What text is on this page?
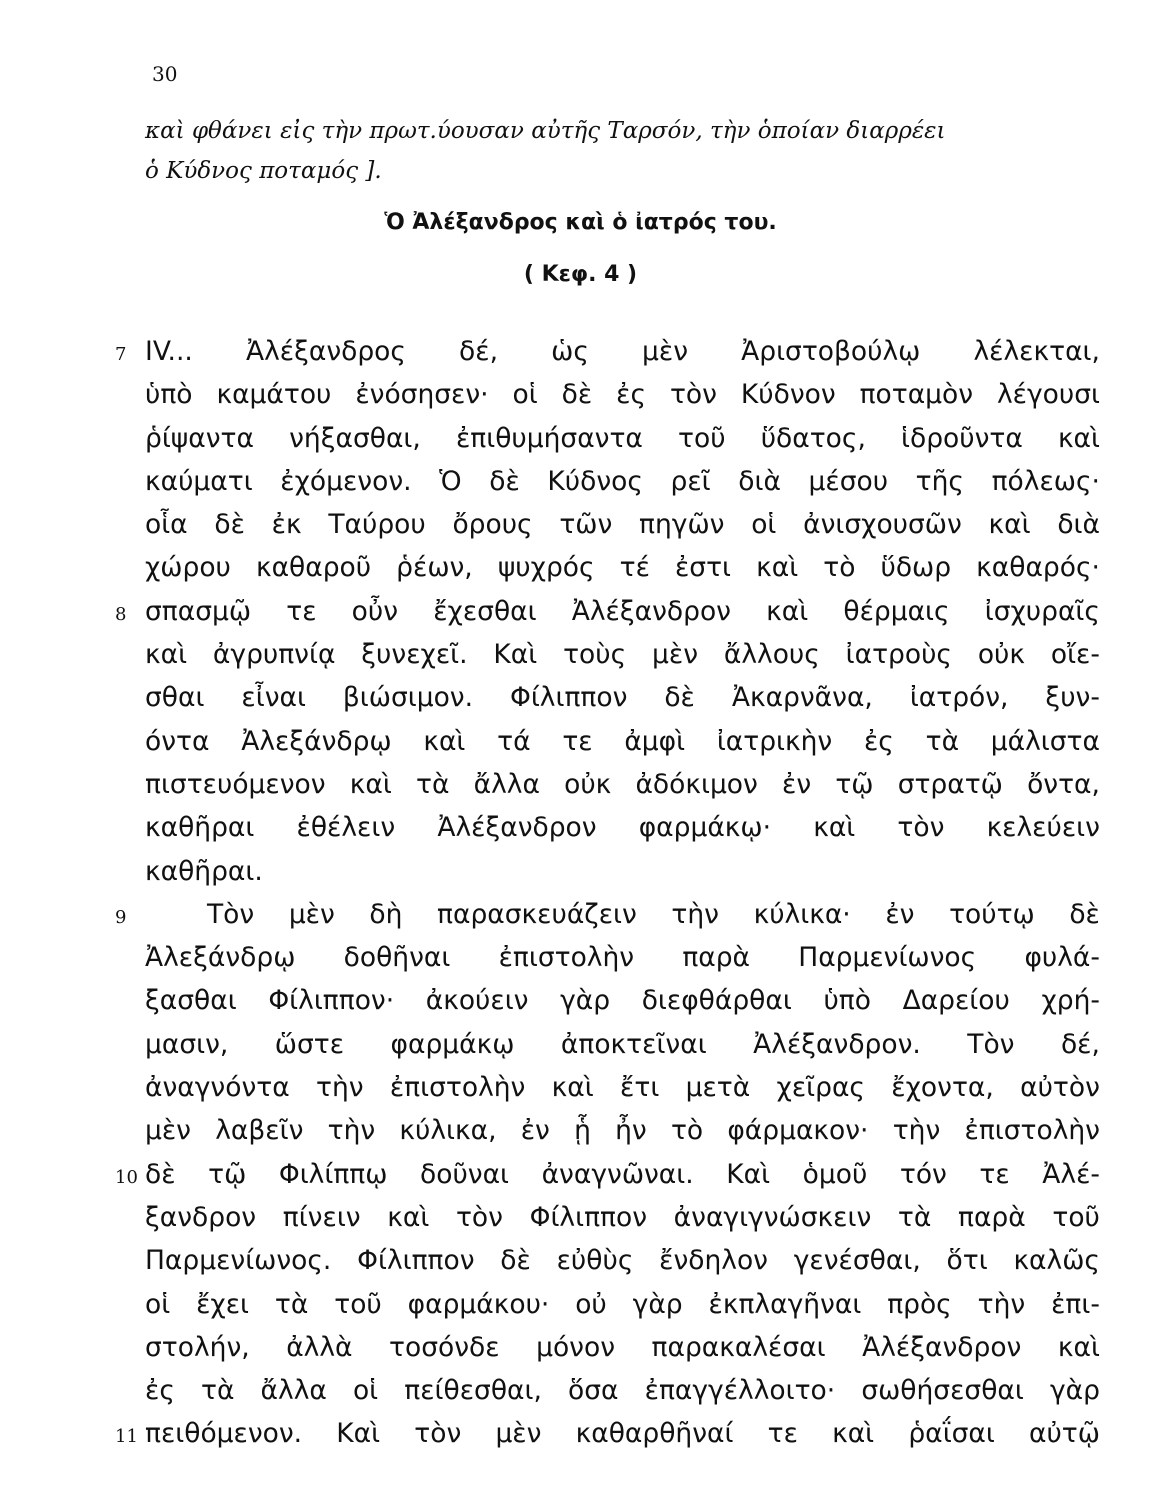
30
καὶ φθάνει εἰς τὴν πρωτ.ύουσαν αὐτῆς Ταρσόν, τὴν ὁποίαν διαρρέει
ὁ Κύδνος ποταμός ].
Ὁ Ἀλέξανδρος καὶ ὁ ἰατρός του.
( Κεφ. 4 )
7 IV... Ἀλέξανδρος δέ, ὡς μὲν Ἀριστοβούλῳ λέλεκται,
ὑπὸ καμάτου ἐνόσησεν· οἱ δὲ ἐς τὸν Κύδνον ποταμὸν λέγουσι
ῥίψαντα νήξασθαι, ἐπιθυμήσαντα τοῦ ὕδατος, ἱδροῦντα καὶ
καύματι ἐχόμενον. Ὁ δὲ Κύδνος ρεῖ διὰ μέσου τῆς πόλεως·
οἷα δὲ ἐκ Ταύρου ὄρους τῶν πηγῶν οἱ ἀνισχουσῶν καὶ διὰ
χώρου καθαροῦ ῥέων, ψυχρός τέ ἐστι καὶ τὸ ὕδωρ καθαρός·
8 σπασμῷ τε οὖν ἔχεσθαι Ἀλέξανδρον καὶ θέρμαις ἰσχυραῖς
καὶ ἀγρυπνίᾳ ξυνεχεῖ. Καὶ τοὺς μὲν ἄλλους ἰατροὺς οὐκ οἴε-
σθαι εἶναι βιώσιμον. Φίλιππον δὲ Ἀκαρνᾶνα, ἰατρόν, ξυν-
όντα Ἀλεξάνδρῳ καὶ τά τε ἀμφὶ ἰατρικὴν ἐς τὰ μάλιστα
πιστευόμενον καὶ τὰ ἄλλα οὐκ ἀδόκιμον ἐν τῷ στρατῷ ὄντα,
καθῆραι ἐθέλειν Ἀλέξανδρον φαρμάκῳ· καὶ τὸν κελεύειν
καθῆραι.
9	Τὸν μὲν δὴ παρασκευάζειν τὴν κύλικα· ἐν τούτῳ δὲ
Ἀλεξάνδρῳ δοθῆναι ἐπιστολὴν παρὰ Παρμενίωνος φυλά-
ξασθαι Φίλιππον· ἀκούειν γὰρ διεφθάρθαι ὑπὸ Δαρείου χρή-
μασιν, ὥστε φαρμάκῳ ἀποκτεῖναι Ἀλέξανδρον. Τὸν δέ,
ἀναγνόντα τὴν ἐπιστολὴν καὶ ἔτι μετὰ χεῖρας ἔχοντα, αὐτὸν
μὲν λαβεῖν τὴν κύλικα, ἐν ᾗ ἦν τὸ φάρμακον· τὴν ἐπιστολὴν
10 δὲ τῷ Φιλίππῳ δοῦναι ἀναγνῶναι. Καὶ ὁμοῦ τόν τε Ἀλέ-
ξανδρον πίνειν καὶ τὸν Φίλιππον ἀναγιγνώσκειν τὰ παρὰ τοῦ
Παρμενίωνος. Φίλιππον δὲ εὐθὺς ἔνδηλον γενέσθαι, ὅτι καλῶς
οἱ ἔχει τὰ τοῦ φαρμάκου· οὐ γὰρ ἐκπλαγῆναι πρὸς τὴν ἐπι-
στολήν, ἀλλὰ τοσόνδε μόνον παρακαλέσαι Ἀλέξανδρον καὶ
ἐς τὰ ἄλλα οἱ πείθεσθαι, ὅσα ἐπαγγέλλοιτο· σωθήσεσθαι γὰρ
11 πειθόμενον. Καὶ τὸν μὲν καθαρθῆναί τε καὶ ῥαΐσαι αὐτῷ
